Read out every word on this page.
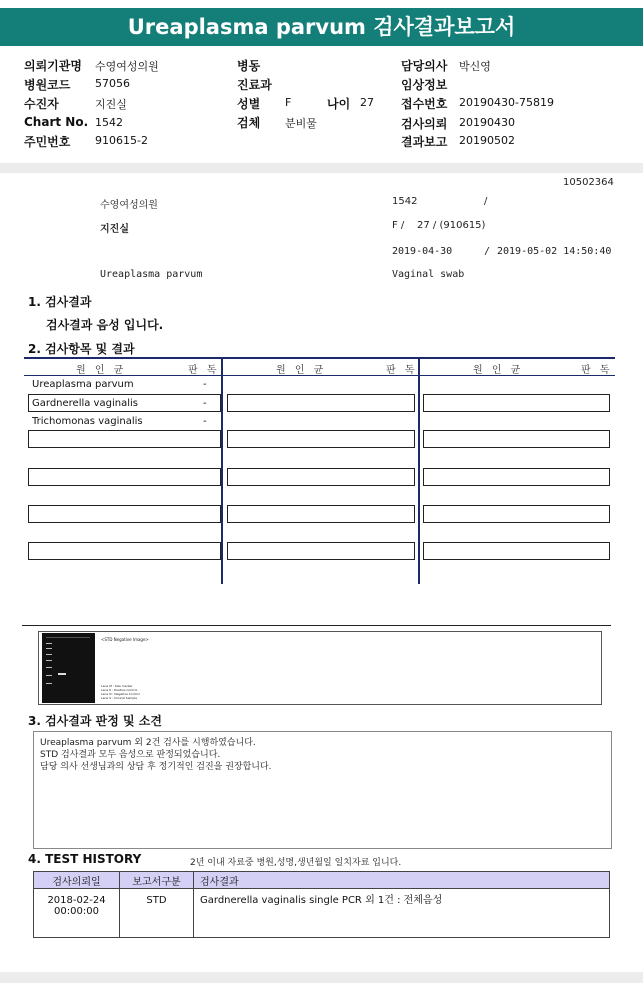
Ureaplasma parvum 검사결과보고서
의뢰기관명 수영여성의원
병원코드 57056
수진자	지진실
Chart No. 1542
주민번호 910615-2
병동
진료과
성별 F	나이 27
검체 분비물
담당의사 박신영
임상정보
접수번호 20190430-75819
검사의뢰 20190430
결과보고 20190502
10502364
수영여성의원	1542	/
지진실	F /    27 / (910615)
2019-04-30	/ 2019-05-02 14:50:40
Ureaplasma parvum	Vaginal swab
1. 검사결과
검사결과 음성 입니다.
2. 검사항목 및 결과
원 인 균	판 독	원 인 균	판 독	원 인 균	판 독
Ureaplasma parvum	-
Gardnerella vaginalis	-
Trichomonas vaginalis	-
<STD Negative Image>
Lane M : Size marker
Lane P : Positive Control
Lane N : Negative Control
Lane S : Clinical Sample
3. 검사결과 판정 및 소견
Ureaplasma parvum 외 2건 검사를 시행하였습니다.
STD 검사결과 모두 음성으로 판정되었습니다.
담당 의사 선생님과의 상담 후 정기적인 검진을 권장합니다.
4. TEST HISTORY	2년 이내 자료중 병원,성명,생년월일 일치자료 입니다.
검사의뢰일	보고서구분	검사결과

2018-02-24
00:00:00	STD	Gardnerella vaginalis single PCR 외 1건 : 전체음성
